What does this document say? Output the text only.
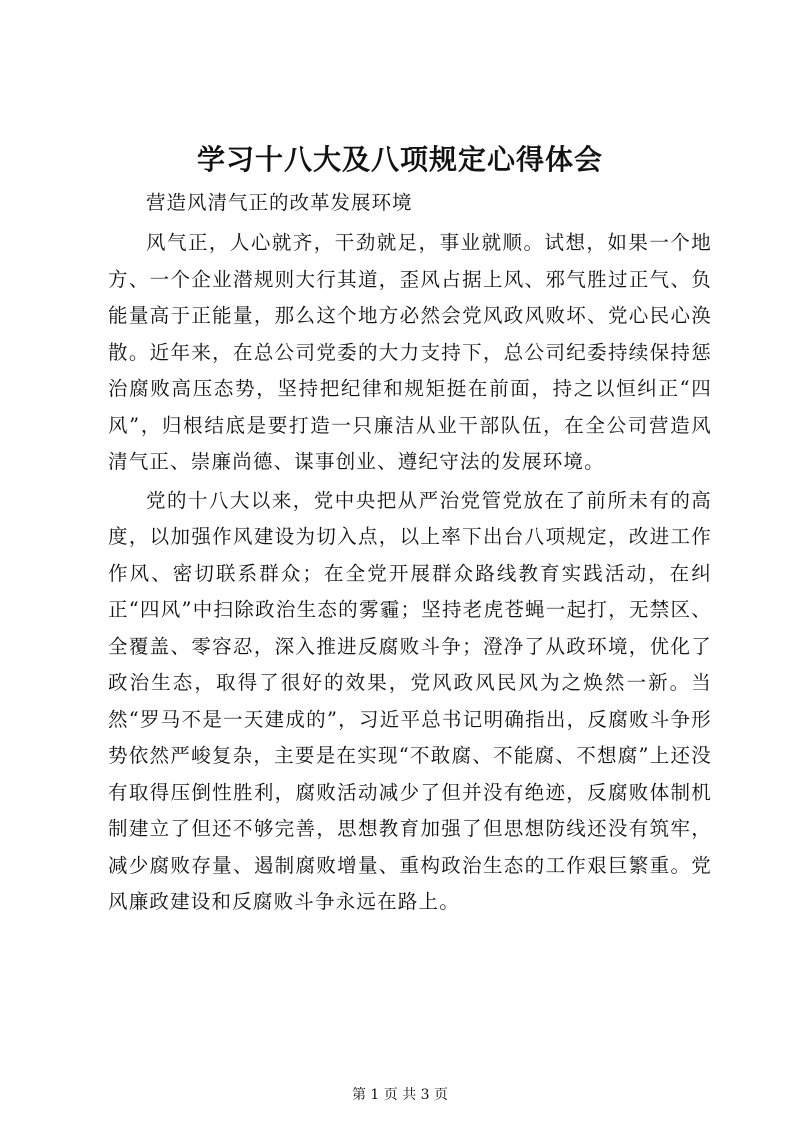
学习十八大及八项规定心得体会

营造风清气正的改革发展环境

风气正，人心就齐，干劲就足，事业就顺。试想，如果一个地方、一个企业潜规则大行其道，歪风占据上风、邪气胜过正气、负能量高于正能量，那么这个地方必然会党风政风败坏、党心民心涣散。近年来，在总公司党委的大力支持下，总公司纪委持续保持惩治腐败高压态势，坚持把纪律和规矩挺在前面，持之以恒纠正“四风”，归根结底是要打造一只廉洁从业干部队伍，在全公司营造风清气正、崇廉尚德、谋事创业、遵纪守法的发展环境。

党的十八大以来，党中央把从严治党管党放在了前所未有的高度，以加强作风建设为切入点，以上率下出台八项规定，改进工作作风、密切联系群众；在全党开展群众路线教育实践活动，在纠正“四风”中扫除政治生态的雾霾；坚持老虎苍蝇一起打，无禁区、全覆盖、零容忍，深入推进反腐败斗争；澄净了从政环境，优化了政治生态，取得了很好的效果，党风政风民风为之焕然一新。当然“罗马不是一天建成的”，习近平总书记明确指出，反腐败斗争形势依然严峻复杂，主要是在实现“不敢腐、不能腐、不想腐”上还没有取得压倒性胜利，腐败活动减少了但并没有绝迹，反腐败体制机制建立了但还不够完善，思想教育加强了但思想防线还没有筑牢，减少腐败存量、遏制腐败增量、重构政治生态的工作艰巨繁重。党风廉政建设和反腐败斗争永远在路上。

第 1 页 共 3 页
